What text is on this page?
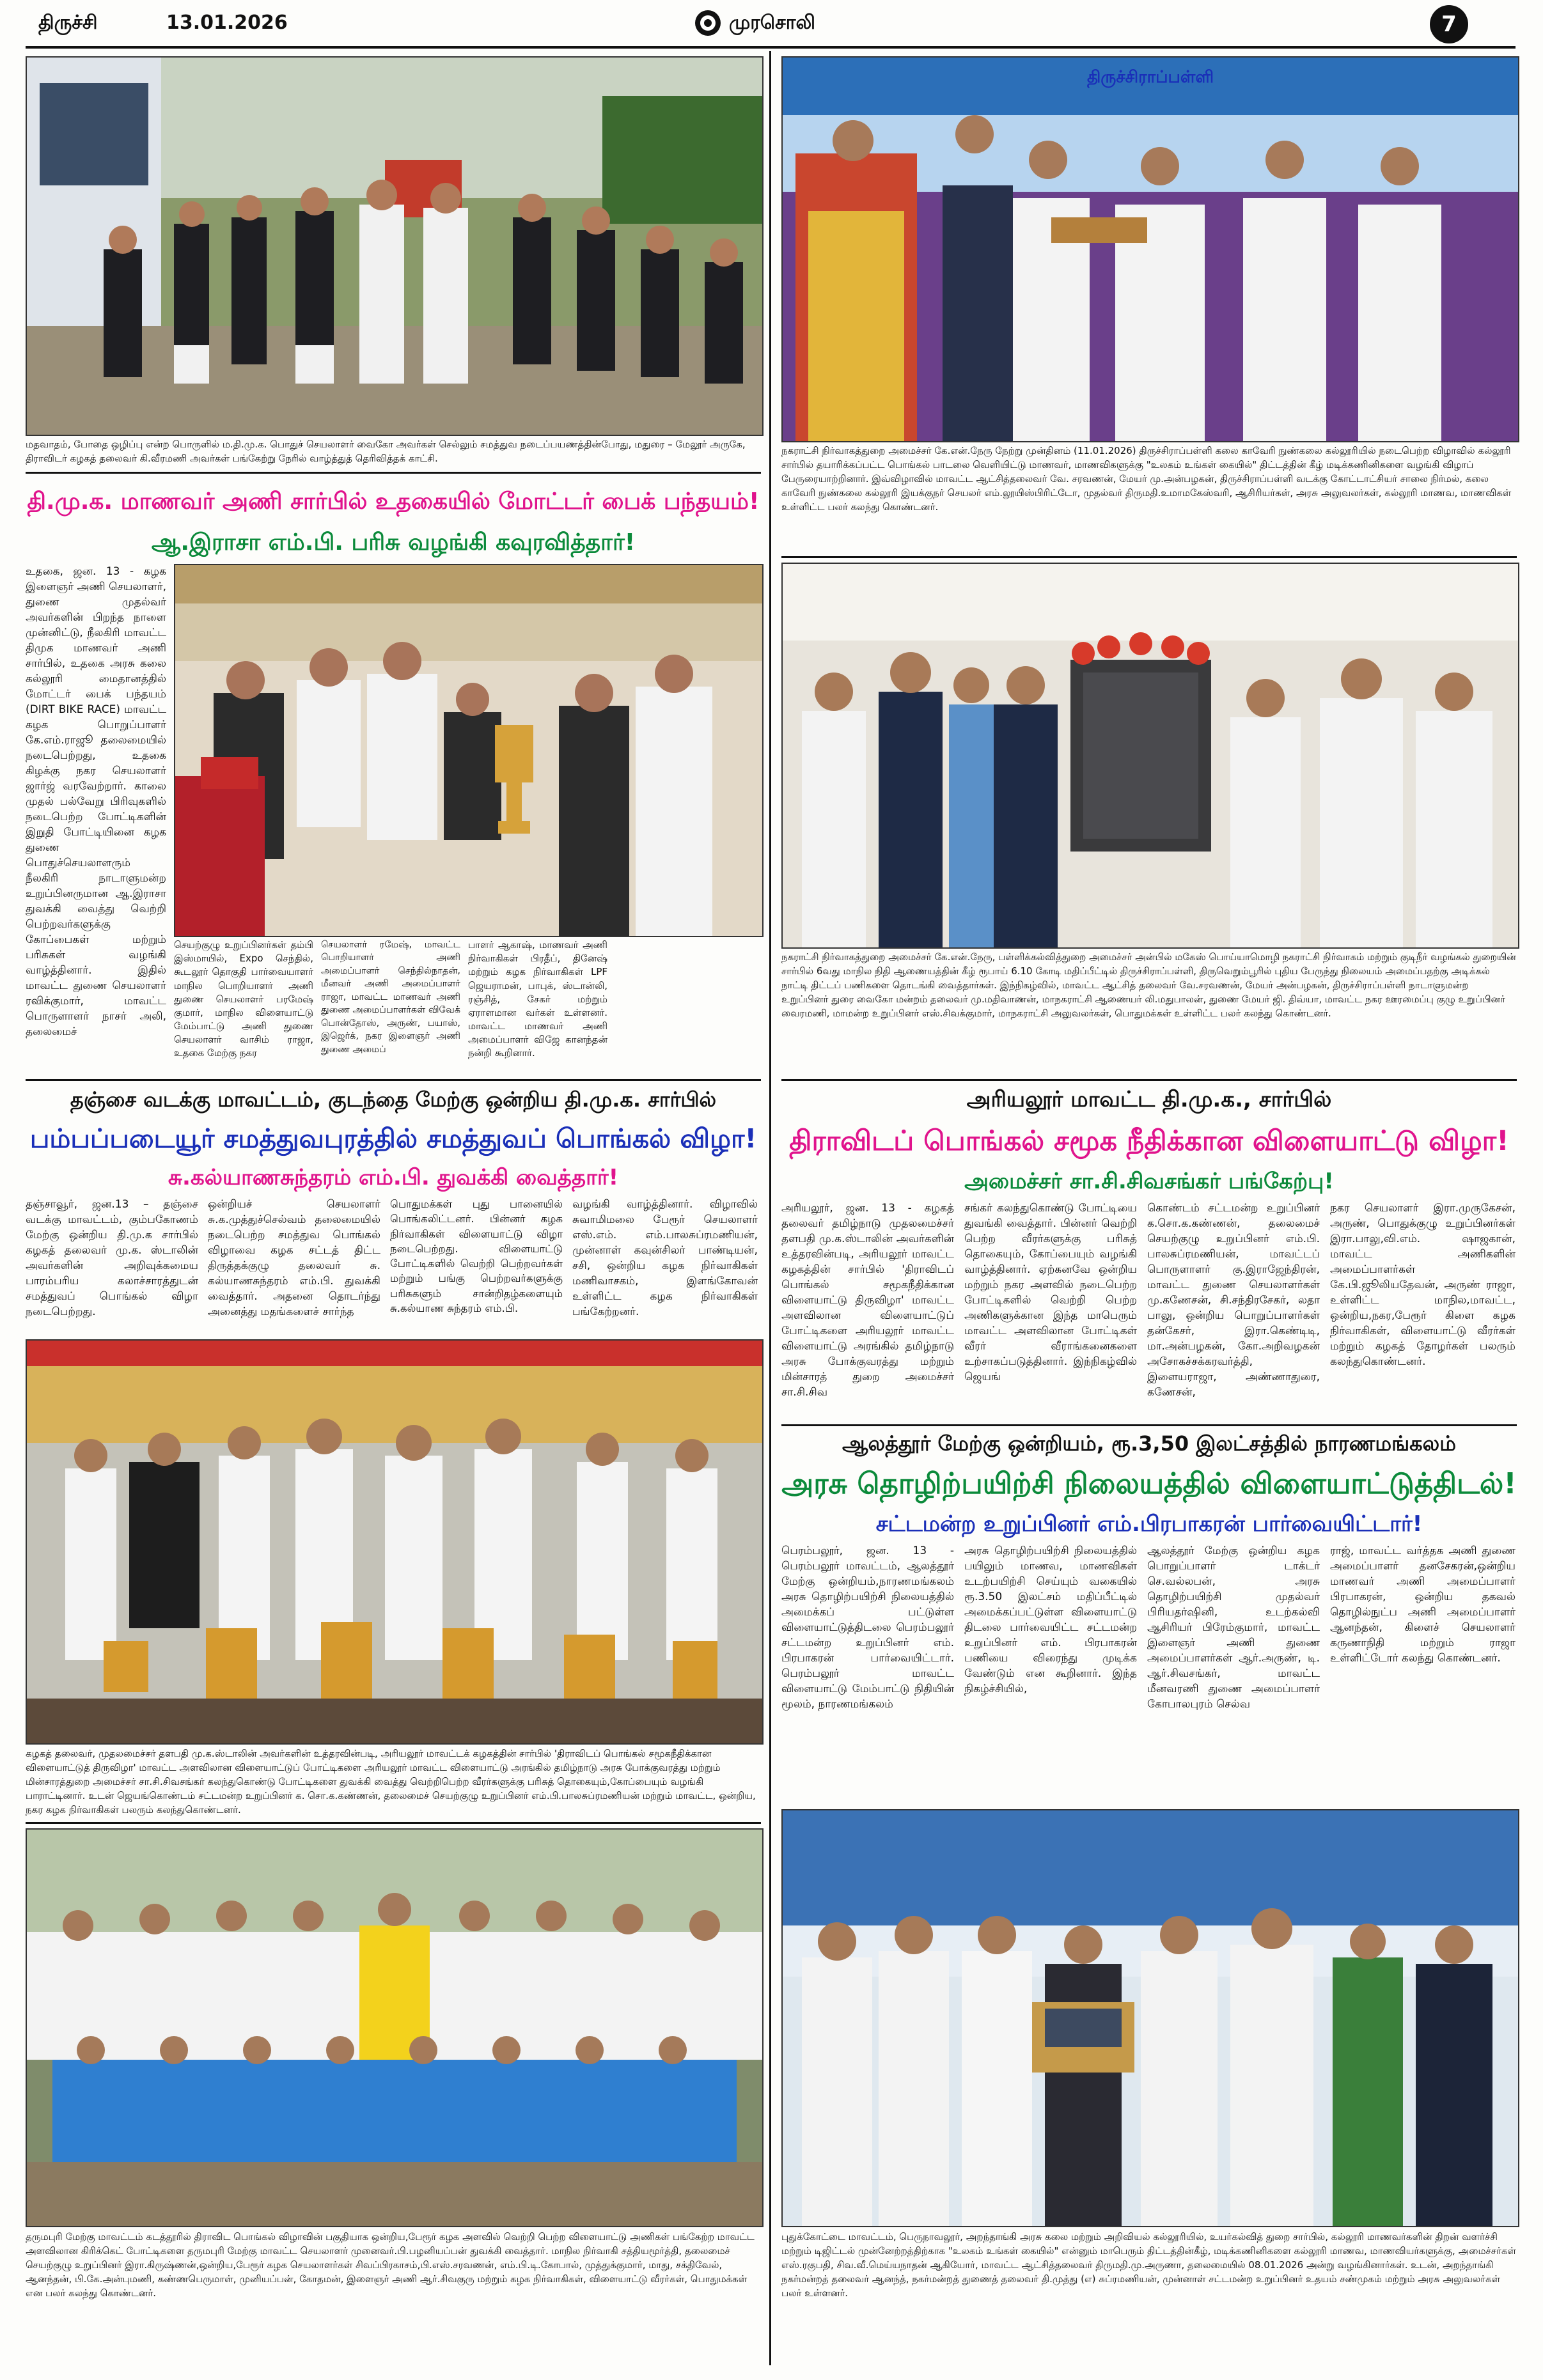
திருச்சி	13.01.2026	முரசொலி	7
மதவாதம், போதை ஒழிப்பு என்ற பொருளில் ம.தி.மு.க. பொதுச் செயலாளர் வைகோ அவர்கள் செல்லும் சமத்துவ நடைப்பயணத்தின்போது, மதுரை – மேலூர் அருகே, திராவிடர் கழகத் தலைவர் கி.வீரமணி அவர்கள் பங்கேற்று நேரில் வாழ்த்துத் தெரிவித்தக் காட்சி.
தி.மு.க. மாணவர் அணி சார்பில் உதகையில் மோட்டர் பைக் பந்தயம்!
ஆ.இராசா எம்.பி. பரிசு வழங்கி கவுரவித்தார்!
உதகை, ஜன. 13 - கழக இளைஞர் அணி செயலாளர், துணை முதல்வர் அவர்களின் பிறந்த நாளை முன்னிட்டு, நீலகிரி மாவட்ட திமுக மாணவர் அணி சார்பில், உதகை அரசு கலை கல்லூரி மைதானத்தில் மோட்டர் பைக் பந்தயம் (DIRT BIKE RACE) மாவட்ட கழக பொறுப்பாளர் கே.எம்.ராஜூ தலைமையில் நடைபெற்றது, உதகை கிழக்கு நகர செயலாளர் ஜார்ஜ் வரவேற்றார். காலை முதல் பல்வேறு பிரிவுகளில் நடைபெற்ற போட்டிகளின் இறுதி போட்டியினை கழக துணை பொதுச்செயலாளரும் நீலகிரி நாடாளுமன்ற உறுப்பினருமான ஆ.இராசா துவக்கி வைத்து வெற்றி பெற்றவர்களுக்கு கோப்பைகள் மற்றும் பரிசுகள் வழங்கி வாழ்த்தினார். இதில் மாவட்ட துணை செயலாளர் ரவிக்குமார், மாவட்ட பொருளாளர் நாசர் அலி, தலைமைச்
செயற்குழு உறுப்பினர்கள் தம்பி இஸ்மாயில், Expo செந்தில், கூடலூர் தொகுதி பார்வையாளர் மாநில பொறியாளர் அணி துணை செயலாளர் பரமேஷ் குமார், மாநில விளையாட்டு மேம்பாட்டு அணி துணை செயலாளர் வாசிம் ராஜா, உதகை மேற்கு நகர
செயலாளர் ரமேஷ், மாவட்ட பொறியாளர் அணி அமைப்பாளர் செந்தில்நாதன், மீனவர் அணி அமைப்பாளர் ராஜா, மாவட்ட மாணவர் அணி துணை அமைப்பாளர்கள் விவேக் பொன்தோஸ், அருண், பயாஸ், இஜெர்க், நகர இளைஞர் அணி துணை அமைப்
பாளர் ஆகாஷ், மாணவர் அணி நிர்வாகிகள் பிரதீப், தினேஷ் மற்றும் கழக நிர்வாகிகள் LPF ஜெயராமன், பாபுக், ஸ்டான்லி, ரஞ்சித், சேகர் மற்றும் ஏராளமான வர்கள் உள்ளனர். மாவட்ட மாணவர் அணி அமைப்பாளர் விஜே கானந்தன் நன்றி கூறினார்.
தஞ்சை வடக்கு மாவட்டம், குடந்தை மேற்கு ஒன்றிய தி.மு.க. சார்பில்
பம்பப்படையூர் சமத்துவபுரத்தில் சமத்துவப் பொங்கல் விழா!
சு.கல்யாணசுந்தரம் எம்.பி. துவக்கி வைத்தார்!
தஞ்சாவூர், ஜன.13 – தஞ்சை வடக்கு மாவட்டம், கும்பகோணம் மேற்கு ஒன்றிய தி.மு.க சார்பில் கழகத் தலைவர் மு.க. ஸ்டாலின் அவர்களின் அறிவுக்கமைய பாரம்பரிய கலாச்சாரத்துடன் சமத்துவப் பொங்கல் விழா நடைபெற்றது.
ஒன்றியச் செயலாளர் சு.க.முத்துச்செல்வம் தலைமையில் நடைபெற்ற சமத்துவ பொங்கல் விழாவை கழக சட்டத் திட்ட திருத்தக்குழு தலைவர் சு. கல்யாணசுந்தரம் எம்.பி. துவக்கி வைத்தார். அதனை தொடர்ந்து அனைத்து மதங்களைச் சார்ந்த
பொதுமக்கள் புது பானையில் பொங்கலிட்டனர். பின்னர் கழக நிர்வாகிகள் விளையாட்டு விழா நடைபெற்றது. விளையாட்டு போட்டிகளில் வெற்றி பெற்றவர்கள் மற்றும் பங்கு பெற்றவர்களுக்கு பரிசுகளும் சான்றிதழ்களையும் சு.கல்யாண சுந்தரம் எம்.பி.
வழங்கி வாழ்த்தினார். விழாவில் சுவாமிமலை பேரூர் செயலாளர் எஸ்.எம். எம்.பாலசுப்ரமணியன், முன்னாள் கவுன்சிலர் பாண்டியன், சசி, ஒன்றிய கழக நிர்வாகிகள் மணிவாசகம், இளங்கோவன் உள்ளிட்ட கழக நிர்வாகிகள் பங்கேற்றனர்.
கழகத் தலைவர், முதலமைச்சர் தளபதி மு.க.ஸ்டாலின் அவர்களின் உத்தரவின்படி, அரியலூர் மாவட்டக் கழகத்தின் சார்பில் 'திராவிடப் பொங்கல் சமூகநீதிக்கான விளையாட்டுத் திருவிழா' மாவட்ட அளவிலான விளையாட்டுப் போட்டிகளை அரியலூர் மாவட்ட விளையாட்டு அரங்கில் தமிழ்நாடு அரசு போக்குவரத்து மற்றும் மின்சாரத்துறை அமைச்சர் சா.சி.சிவசங்கர் கலந்துகொண்டு போட்டிகளை துவக்கி வைத்து வெற்றிபெற்ற வீரர்களுக்கு பரிசுத் தொகையும்,கோப்பையும் வழங்கி பாராட்டினார். உடன் ஜெயங்கொண்டம் சட்டமன்ற உறுப்பினர் க. சொ.க.கண்ணன், தலைமைச் செயற்குழு உறுப்பினர் எம்.பி.பாலசுப்ரமணியன் மற்றும் மாவட்ட, ஒன்றிய, நகர கழக நிர்வாகிகள் பலரும் கலந்துகொண்டனர்.
தருமபுரி மேற்கு மாவட்டம் கடத்தூரில் திராவிட பொங்கல் விழாவின் பகுதியாக ஒன்றிய,பேரூர் கழக அளவில் வெற்றி பெற்ற விளையாட்டு அணிகள் பங்கேற்ற மாவட்ட அளவிலான கிரிக்கெட் போட்டிகளை தருமபுரி மேற்கு மாவட்ட செயலாளர் முனைவர்.பி.பழனியப்பன் துவக்கி வைத்தார். மாநில நிர்வாகி சத்தியமூர்த்தி, தலைமைச் செயற்குழு உறுப்பினர் இரா.கிருஷ்ணன்,ஒன்றிய,பேரூர் கழக செயலாளர்கள் சிவப்பிரகாசம்,பி.எஸ்.சரவணன், எம்.பி.டி.கோபால், முத்துக்குமார், மாது, சக்திவேல், ஆனந்தன், பி.கே.அன்புமணி, கண்ணபெருமாள், முனியப்பன், கோதமன், இளைஞர் அணி ஆர்.சிவகுரு மற்றும் கழக நிர்வாகிகள், விளையாட்டு வீரர்கள், பொதுமக்கள் என பலர் கலந்து கொண்டனர்.
திருச்சிராப்பள்ளி
நகராட்சி நிர்வாகத்துறை அமைச்சர் கே.என்.நேரு நேற்று முன்தினம் (11.01.2026) திருச்சிராப்பள்ளி கலை காவேரி நுண்கலை கல்லூரியில் நடைபெற்ற விழாவில் கல்லூரி சார்பில் தயாரிக்கப்பட்ட பொங்கல் பாடலை வெளியிட்டு மாணவர், மாணவிகளுக்கு "உலகம் உங்கள் கையில்" திட்டத்தின் கீழ் மடிக்கணினிகளை வழங்கி விழாப் பேருரையாற்றினார். இவ்விழாவில் மாவட்ட ஆட்சித்தலைவர் வே. சரவணன், மேயர் மு.அன்பழகன், திருச்சிராப்பள்ளி வடக்கு கோட்டாட்சியர் சாலை நிர்மல், கலை காவேரி நுண்கலை கல்லூரி இயக்குநர் செயலர் எம்.லூயிஸ்பிரிட்டோ, முதல்வர் திருமதி.உமாமகேஸ்வரி, ஆசிரியர்கள், அரசு அலுவலர்கள், கல்லூரி மாணவ, மாணவிகள் உள்ளிட்ட பலர் கலந்து கொண்டனர்.
நகராட்சி நிர்வாகத்துறை அமைச்சர் கே.என்.நேரு, பள்ளிக்கல்வித்துறை அமைச்சர் அன்பில் மகேஸ் பொய்யாமொழி நகராட்சி நிர்வாகம் மற்றும் குடிநீர் வழங்கல் துறையின் சார்பில் 6வது மாநில நிதி ஆணையத்தின் கீழ் ரூபாய் 6.10 கோடி மதிப்பீட்டில் திருச்சிராப்பள்ளி, திருவெறும்பூரில் புதிய பேருந்து நிலையம் அமைப்பதற்கு அடிக்கல் நாட்டி திட்டப் பணிகளை தொடங்கி வைத்தார்கள். இந்நிகழ்வில், மாவட்ட ஆட்சித் தலைவர் வே.சரவணன், மேயர் அன்பழகன், திருச்சிராப்பள்ளி நாடாளுமன்ற உறுப்பினர் துரை வைகோ மன்றம் தலைவர் மு.மதிவாணன், மாநகராட்சி ஆணையர் லி.மதுபாலன், துணை மேயர் ஜி. திவ்யா, மாவட்ட நகர ஊரமைப்பு குழு உறுப்பினர் வைரமணி, மாமன்ற உறுப்பினர் எஸ்.சிவக்குமார், மாநகராட்சி அலுவலர்கள், பொதுமக்கள் உள்ளிட்ட பலர் கலந்து கொண்டனர்.
அரியலூர் மாவட்ட தி.மு.க., சார்பில்
திராவிடப் பொங்கல் சமூக நீதிக்கான விளையாட்டு விழா!
அமைச்சர் சா.சி.சிவசங்கர் பங்கேற்பு!
அரியலூர், ஜன. 13 - கழகத் தலைவர் தமிழ்நாடு முதலமைச்சர் தளபதி மு.க.ஸ்டாலின் அவர்களின் உத்தரவின்படி, அரியலூர் மாவட்ட கழகத்தின் சார்பில் 'திராவிடப் பொங்கல் சமூகநீதிக்கான விளையாட்டு திருவிழா' மாவட்ட அளவிலான விளையாட்டுப் போட்டிகளை அரியலூர் மாவட்ட விளையாட்டு அரங்கில் தமிழ்நாடு அரசு போக்குவரத்து மற்றும் மின்சாரத் துறை அமைச்சர் சா.சி.சிவ
சங்கர் கலந்துகொண்டு போட்டியை துவங்கி வைத்தார். பின்னர் வெற்றி பெற்ற வீரர்களுக்கு பரிசுத் தொகையும், கோப்பையும் வழங்கி வாழ்த்தினார். ஏற்கனவே ஒன்றிய மற்றும் நகர அளவில் நடைபெற்ற போட்டிகளில் வெற்றி பெற்ற அணிகளுக்கான இந்த மாபெரும் மாவட்ட அளவிலான போட்டிகள் வீரர் வீராங்கனைகளை உற்சாகப்படுத்தினார். இந்நிகழ்வில் ஜெயங்
கொண்டம் சட்டமன்ற உறுப்பினர் க.சொ.க.கண்ணன், தலைமைச் செயற்குழு உறுப்பினர் எம்.பி. பாலசுப்ரமணியன், மாவட்டப் பொருளாளர் கு.இராஜேந்திரன், மாவட்ட துணை செயலாளர்கள் மு.கணேசன், சி.சந்திரசேகர், லதா பாலு, ஒன்றிய பொறுப்பாளர்கள் தன்கேசர், இரா.கெண்டிடி, மா.அன்பழகன், கோ.அறிவழகன் அசோகச்சக்கரவர்த்தி, இளையராஜா, அண்ணாதுரை, கணேசன்,
நகர செயலாளர் இரா.முருகேசன், அருண், பொதுக்குழு உறுப்பினர்கள் இரா.பாலு,வி.எம். ஷாஜகான், மாவட்ட அணிகளின் அமைப்பாளர்கள் கே.பி.ஜூலியதேவன், அருண் ராஜா, உள்ளிட்ட மாநில,மாவட்ட, ஒன்றிய,நகர,பேரூர் கிளை கழக நிர்வாகிகள், விளையாட்டு வீரர்கள் மற்றும் கழகத் தோழர்கள் பலரும் கலந்துகொண்டனர்.
ஆலத்தூர் மேற்கு ஒன்றியம், ரூ.3,50 இலட்சத்தில் நாரணமங்கலம்
அரசு தொழிற்பயிற்சி நிலையத்தில் விளையாட்டுத்திடல்!
சட்டமன்ற உறுப்பினர் எம்.பிரபாகரன் பார்வையிட்டார்!
பெரம்பலூர், ஜன. 13 - பெரம்பலூர் மாவட்டம், ஆலத்தூர் மேற்கு ஒன்றியம்,நாரணமங்கலம் அரசு தொழிற்பயிற்சி நிலையத்தில் அமைக்கப் பட்டுள்ள விளையாட்டுத்திடலை பெரம்பலூர் சட்டமன்ற உறுப்பினர் எம். பிரபாகரன் பார்வையிட்டார். பெரம்பலூர் மாவட்ட விளையாட்டு மேம்பாட்டு நிதியின் மூலம், நாரணமங்கலம்
அரசு தொழிற்பயிற்சி நிலையத்தில் பயிலும் மாணவ, மாணவிகள் உடற்பயிற்சி செய்யும் வகையில் ரூ.3.50 இலட்சம் மதிப்பீட்டில் அமைக்கப்பட்டுள்ள விளையாட்டு திடலை பார்வையிட்ட சட்டமன்ற உறுப்பினர் எம். பிரபாகரன் பணியை விரைந்து முடிக்க வேண்டும் என கூறினார். இந்த நிகழ்ச்சியில்,
ஆலத்தூர் மேற்கு ஒன்றிய கழக பொறுப்பாளர் டாக்டர் செ.வல்லபன், அரசு தொழிற்பயிற்சி முதல்வர் பிரியதர்ஷினி, உடற்கல்வி ஆசிரியர் பிரேம்குமார், மாவட்ட இளைஞர் அணி துணை அமைப்பாளர்கள் ஆர்.அருண், டி. ஆர்.சிவசங்கர், மாவட்ட மீனவரணி துணை அமைப்பாளர் கோபாலபுரம் செல்வ
ராஜ், மாவட்ட வர்த்தக அணி துணை அமைப்பாளர் தனசேகரன்,ஒன்றிய மாணவர் அணி அமைப்பாளர் பிரபாகரன், ஒன்றிய தகவல் தொழில்நுட்ப அணி அமைப்பாளர் ஆனந்தன், கிளைச் செயலாளர் கருணாநிதி மற்றும் ராஜா உள்ளிட்டோர் கலந்து கொண்டனர்.
புதுக்கோட்டை மாவட்டம், பெருநாவலூர், அறந்தாங்கி அரசு கலை மற்றும் அறிவியல் கல்லூரியில், உயர்கல்வித் துறை சார்பில், கல்லூரி மாணவர்களின் திறன் வளர்ச்சி மற்றும் டிஜிட்டல் முன்னேற்றத்திற்காக "உலகம் உங்கள் கையில்" என்னும் மாபெரும் திட்டத்தின்கீழ், மடிக்கணினிகளை கல்லூரி மாணவ, மாணவியர்களுக்கு, அமைச்சர்கள் எஸ்.ரகுபதி, சிவ.வீ.மெய்யநாதன் ஆகியோர், மாவட்ட ஆட்சித்தலைவர் திருமதி.மு.அருணா, தலைமையில் 08.01.2026 அன்று வழங்கினார்கள். உடன், அறந்தாங்கி நகர்மன்றத் தலைவர் ஆனந்த், நகர்மன்றத் துணைத் தலைவர் தி.முத்து (எ) சுப்ரமணியன், முன்னாள் சட்டமன்ற உறுப்பினர் உதயம் சண்முகம் மற்றும் அரசு அலுவலர்கள் பலர் உள்ளனர்.
